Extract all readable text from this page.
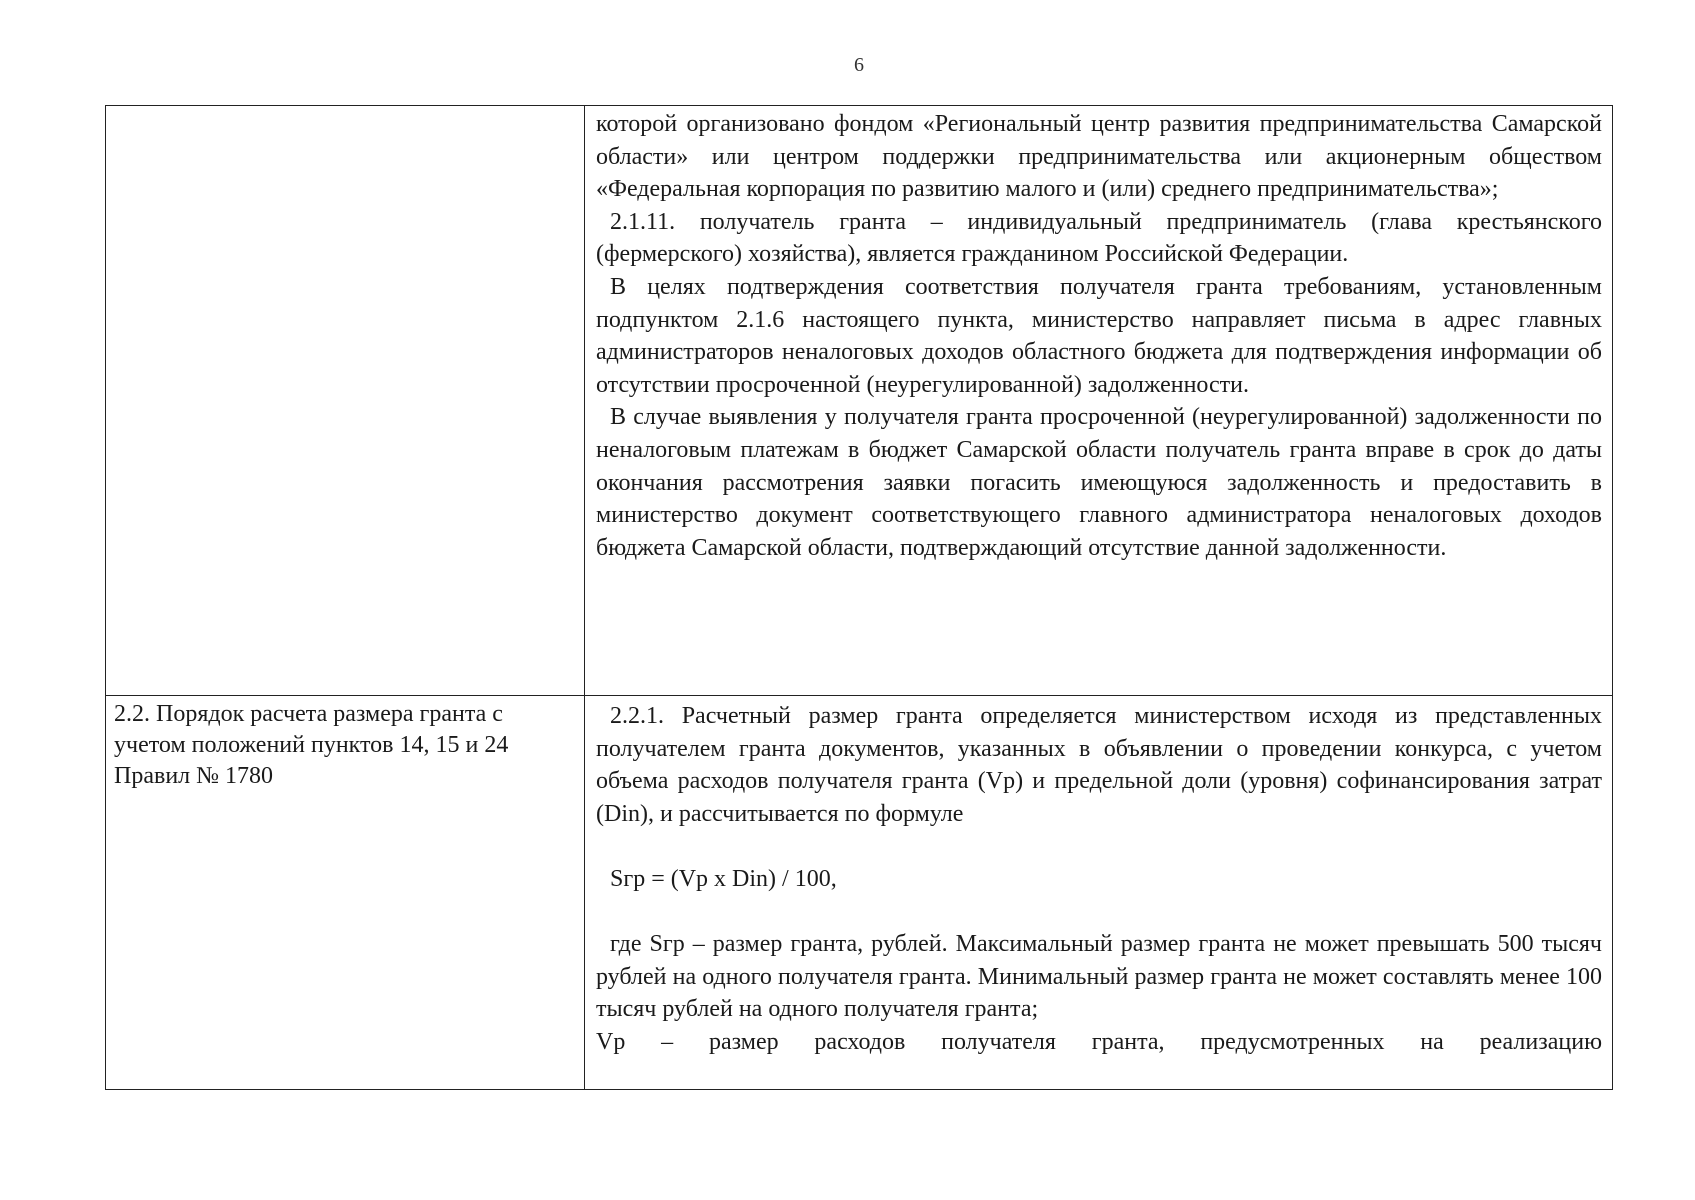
6

которой организовано фондом «Региональный центр развития предпринимательства Самарской области» или центром поддержки предпринимательства или акционерным обществом «Федеральная корпорация по развитию малого и (или) среднего предпринимательства»;

2.1.11. получатель гранта – индивидуальный предприниматель (глава крестьянского (фермерского) хозяйства), является гражданином Российской Федерации.

В целях подтверждения соответствия получателя гранта требованиям, установленным подпунктом 2.1.6 настоящего пункта, министерство направляет письма в адрес главных администраторов неналоговых доходов областного бюджета для подтверждения информации об отсутствии просроченной (неурегулированной) задолженности.

В случае выявления у получателя гранта просроченной (неурегулированной) задолженности по неналоговым платежам в бюджет Самарской области получатель гранта вправе в срок до даты окончания рассмотрения заявки погасить имеющуюся задолженность и предоставить в министерство документ соответствующего главного администратора неналоговых доходов бюджета Самарской области, подтверждающий отсутствие данной задолженности.

2.2. Порядок расчета размера гранта с учетом положений пунктов 14, 15 и 24 Правил № 1780

2.2.1. Расчетный размер гранта определяется министерством исходя из представленных получателем гранта документов, указанных в объявлении о проведении конкурса, с учетом объема расходов получателя гранта (Vp) и предельной доли (уровня) софинансирования затрат (Din), и рассчитывается по формуле

Sгр = (Vp x Din) / 100,

где Sгр – размер гранта, рублей. Максимальный размер гранта не может превышать 500 тысяч рублей на одного получателя гранта. Минимальный размер гранта не может составлять менее 100 тысяч рублей на одного получателя гранта;

Vp – размер расходов получателя гранта, предусмотренных на реализацию
